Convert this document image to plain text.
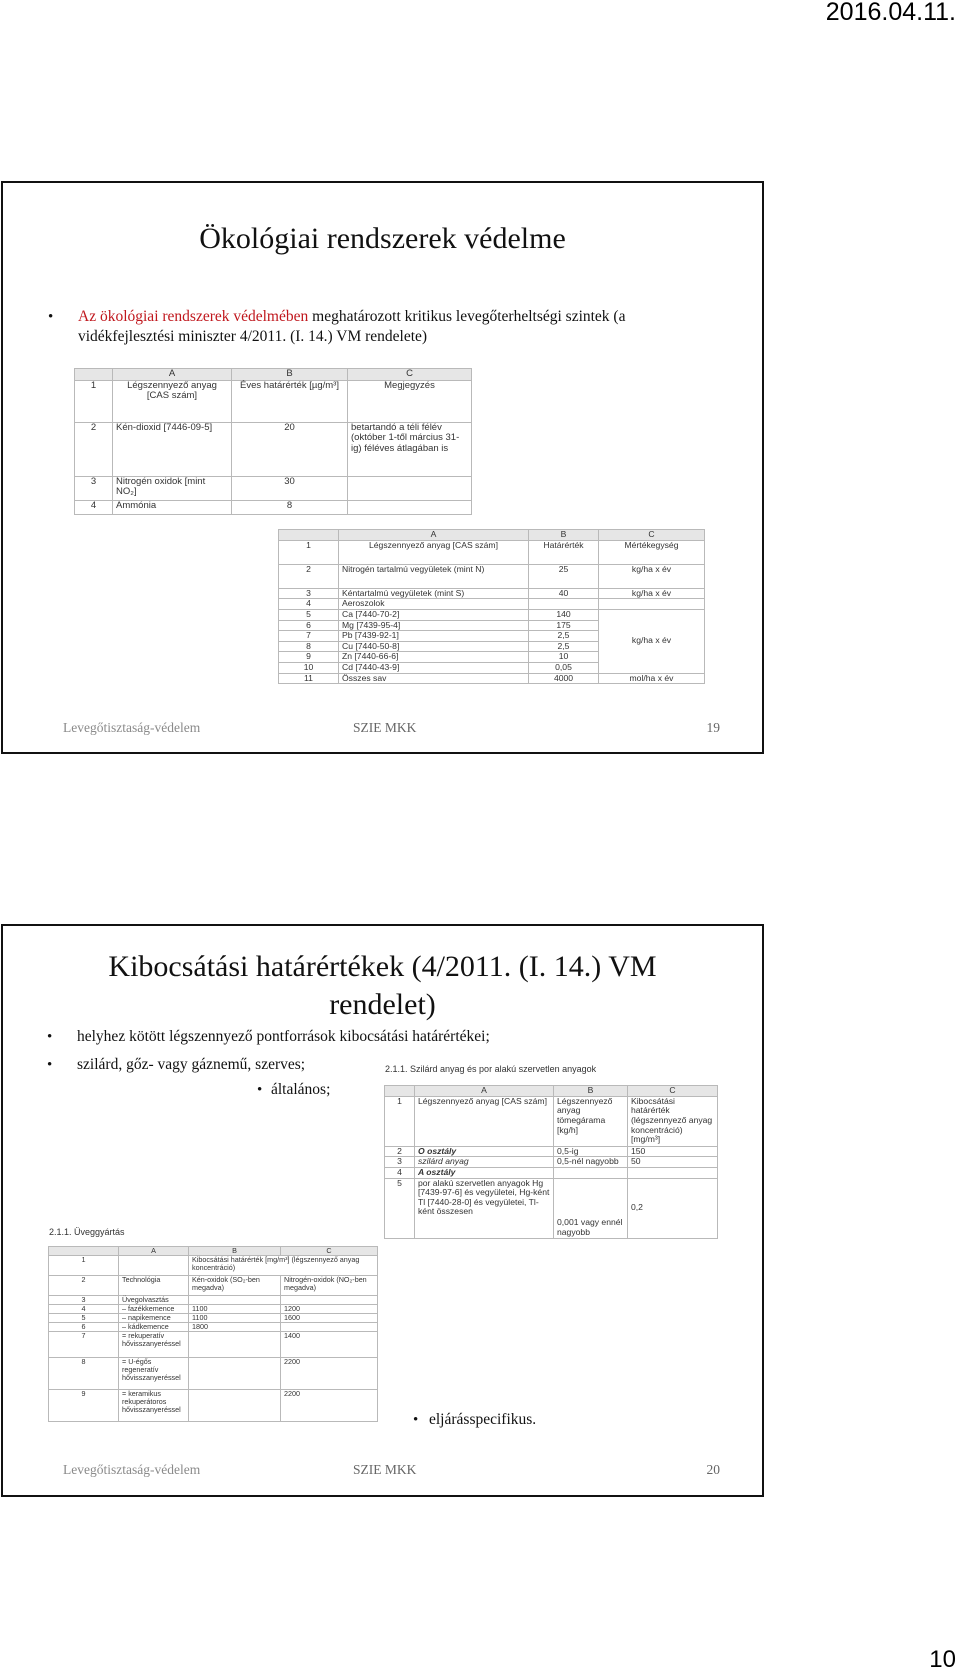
2016.04.11.
Ökológiai rendszerek védelme
• Az ökológiai rendszerek védelmében meghatározott kritikus levegőterheltségi szintek (a vidékfejlesztési miniszter 4/2011. (I. 14.) VM rendelete)
	A	B	C
1	Légszennyező anyag [CAS szám]	Éves határérték [µg/m³]	Megjegyzés
2	Kén-dioxid [7446-09-5]	20	betartandó a téli félév (október 1-től március 31-ig) féléves átlagában is
3	Nitrogén oxidok [mint NO₂]	30	
4	Ammónia	8	
	A	B	C
1	Légszennyező anyag [CAS szám]	Határérték	Mértékegység
2	Nitrogén tartalmú vegyületek (mint N)	25	kg/ha x év
3	Kéntartalmú vegyületek (mint S)	40	kg/ha x év
4	Aeroszolok		
5	Ca [7440-70-2]	140	kg/ha x év
6	Mg [7439-95-4]	175	
7	Pb [7439-92-1]	2,5	
8	Cu [7440-50-8]	2,5	
9	Zn [7440-66-6]	10	
10	Cd [7440-43-9]	0,05	
11	Összes sav	4000	mol/ha x év
Levegőtisztaság-védelem	SZIE MKK	19
Kibocsátási határértékek (4/2011. (I. 14.) VM
rendelet)
• helyhez kötött légszennyező pontforrások kibocsátási határértékei;
• szilárd, gőz- vagy gáznemű, szerves;
• általános;
• eljárásspecifikus.
2.1.1. Szilárd anyag és por alakú szervetlen anyagok
	A	B	C
1	Légszennyező anyag [CAS szám]	Légszennyező anyag tömegárama [kg/h]	Kibocsátási határérték (légszennyező anyag koncentráció) [mg/m³]
2	O osztály	0,5-ig	150
3	szilárd anyag	0,5-nél nagyobb	50
4	A osztály		
5	por alakú szervetlen anyagok Hg [7439-97-6] és vegyületei, Hg-ként Tl [7440-28-0] és vegyületei, Tl-ként összesen	0,001 vagy ennél nagyobb	0,2
2.1.1. Üveggyártás
	A	B	C
1		Kibocsátási határérték [mg/m³] (légszennyező anyag koncentráció)	
2	Technológia	Kén-oxidok (SO₂-ben megadva)	Nitrogén-oxidok (NO₂-ben megadva)
3	Üvegolvasztás		
4	– fazékkemence	1100	1200
5	– napikemence	1100	1600
6	– kádkemence	1800	
7	= rekuperatív hővisszanyeréssel		1400
8	= U-égős regeneratív hővisszanyeréssel		2200
9	= keramikus rekuperátoros hővisszanyeréssel		2200
Levegőtisztaság-védelem	SZIE MKK	20
10
